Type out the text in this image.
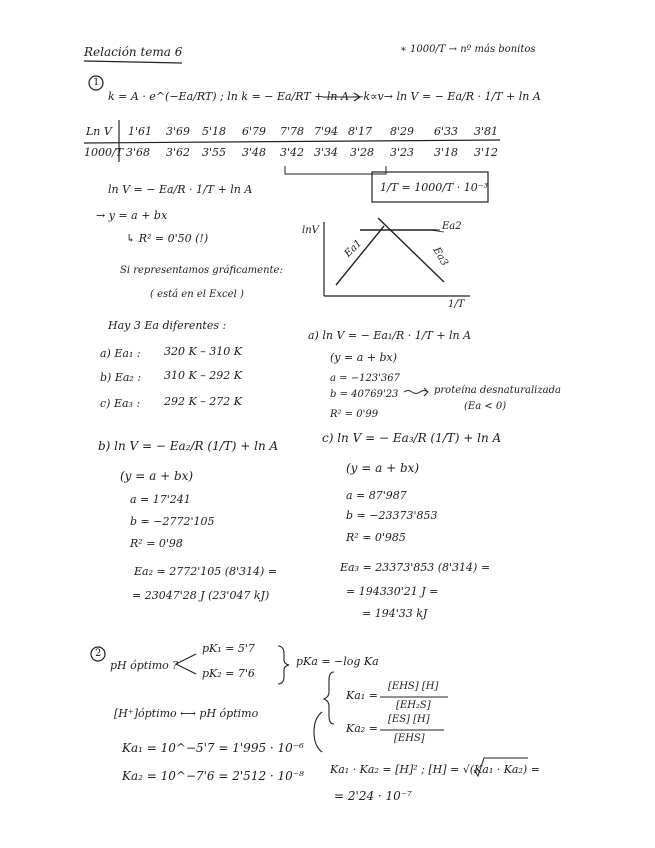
Relación tema 6	∗ 1000/T → nº más bonitos
1
k = A · e^(−Ea/RT) ; ln k = − Ea/RT + ln A —k∝v→ ln V = − Ea/R · 1/T + ln A
Ln V 1'61 3'69 5'18 6'79 7'78 7'94 8'17 8'29 6'33 3'81
1000/T 3'68 3'62 3'55 3'48 3'42 3'34 3'28 3'23 3'18 3'12
ln V = − Ea/R · 1/T + ln A	1/T = 1000/T · 10⁻³
→ y = a + bx
↳ R² = 0'50 (!)
Si representamos gráficamente:
( está en el Excel )
lnV
1/T
Ea1
Ea2
Ea3
Hay 3 Ea diferentes :
a) Ea₁ : 320 K – 310 K
b) Ea₂ : 310 K – 292 K
c) Ea₃ : 292 K – 272 K
a) ln V = − Ea₁/R · 1/T + ln A
(y = a + bx)
a = −123'367
b = 40769'23	proteína desnaturalizada
(Ea < 0)
R² = 0'99
b) ln V = − Ea₂/R (1/T) + ln A
(y = a + bx)
a = 17'241
b = −2772'105
R² = 0'98
Ea₂ = 2772'105 (8'314) =
= 23047'28 J (23'047 kJ)
c) ln V = − Ea₃/R (1/T) + ln A
(y = a + bx)
a = 87'987
b = −23373'853
R² = 0'985
Ea₃ = 23373'853 (8'314) =
= 194330'21 J =
= 194'33 kJ
2
pH óptimo ?
pK₁ = 5'7
pK₂ = 7'6
pKa = −log Ka
Ka₁ =
[EHS] [H]
[EH₂S]
Ka₂ =
[ES] [H]
[EHS]
[H⁺]óptimo ⟷ pH óptimo
Ka₁ = 10^−5'7 = 1'995 · 10⁻⁶
Ka₂ = 10^−7'6 = 2'512 · 10⁻⁸ Ka₁ · Ka₂ = [H]² ; [H] = √(Ka₁ · Ka₂) =
= 2'24 · 10⁻⁷
